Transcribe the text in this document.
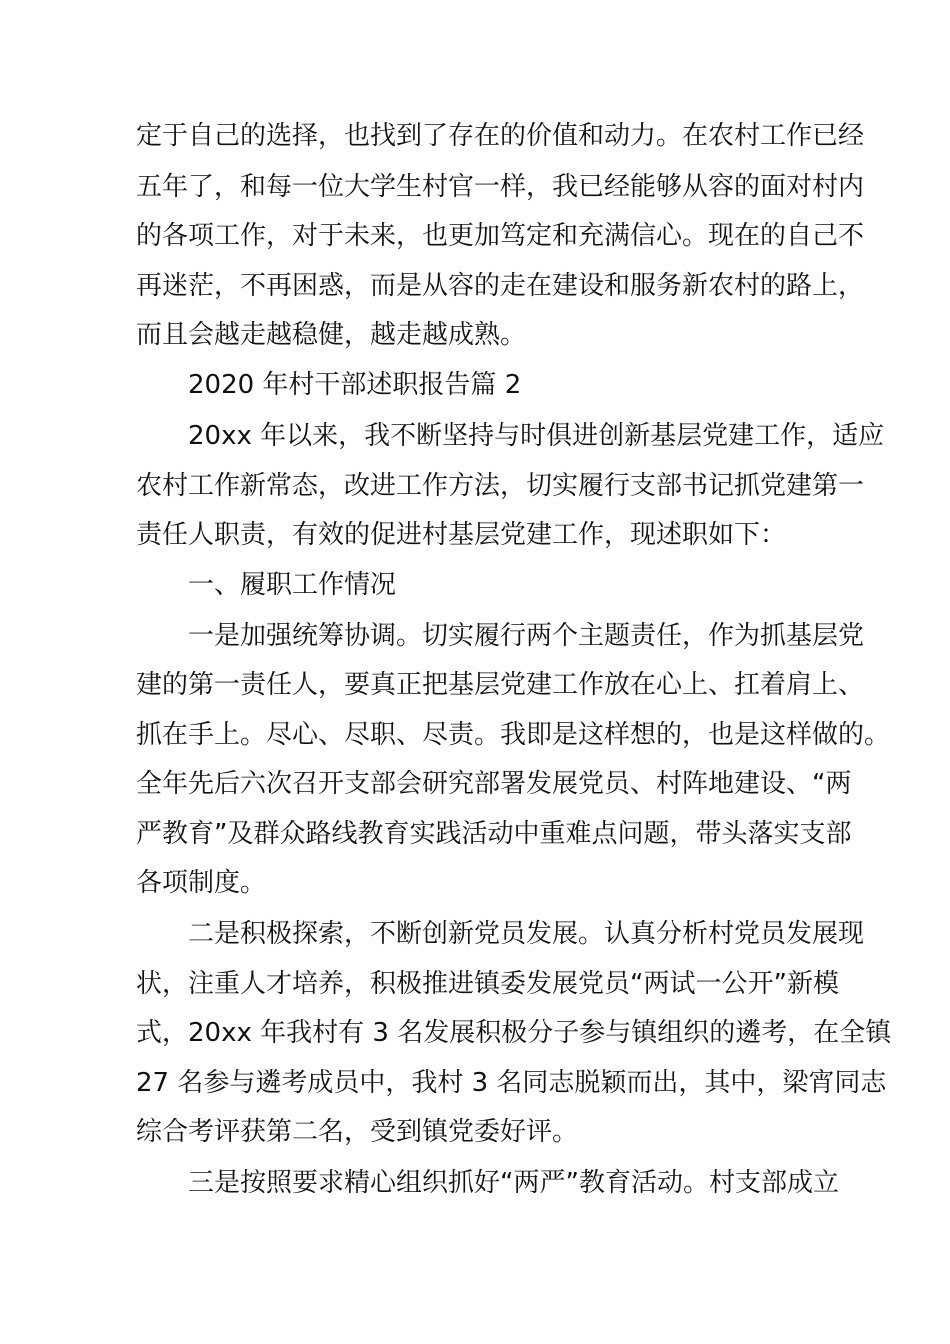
定于自己的选择，也找到了存在的价值和动力。在农村工作已经
五年了，和每一位大学生村官一样，我已经能够从容的面对村内
的各项工作，对于未来，也更加笃定和充满信心。现在的自己不
再迷茫，不再困惑，而是从容的走在建设和服务新农村的路上，
而且会越走越稳健，越走越成熟。
2020 年村干部述职报告篇 2
20xx 年以来，我不断坚持与时俱进创新基层党建工作，适应
农村工作新常态，改进工作方法，切实履行支部书记抓党建第一
责任人职责，有效的促进村基层党建工作，现述职如下：
一、履职工作情况
一是加强统筹协调。切实履行两个主题责任，作为抓基层党
建的第一责任人，要真正把基层党建工作放在心上、扛着肩上、
抓在手上。尽心、尽职、尽责。我即是这样想的，也是这样做的。
全年先后六次召开支部会研究部署发展党员、村阵地建设、“两
严教育”及群众路线教育实践活动中重难点问题，带头落实支部
各项制度。
二是积极探索，不断创新党员发展。认真分析村党员发展现
状，注重人才培养，积极推进镇委发展党员“两试一公开”新模
式，20xx 年我村有 3 名发展积极分子参与镇组织的遴考，在全镇
27 名参与遴考成员中，我村 3 名同志脱颖而出，其中，梁宵同志
综合考评获第二名，受到镇党委好评。
三是按照要求精心组织抓好“两严”教育活动。村支部成立
